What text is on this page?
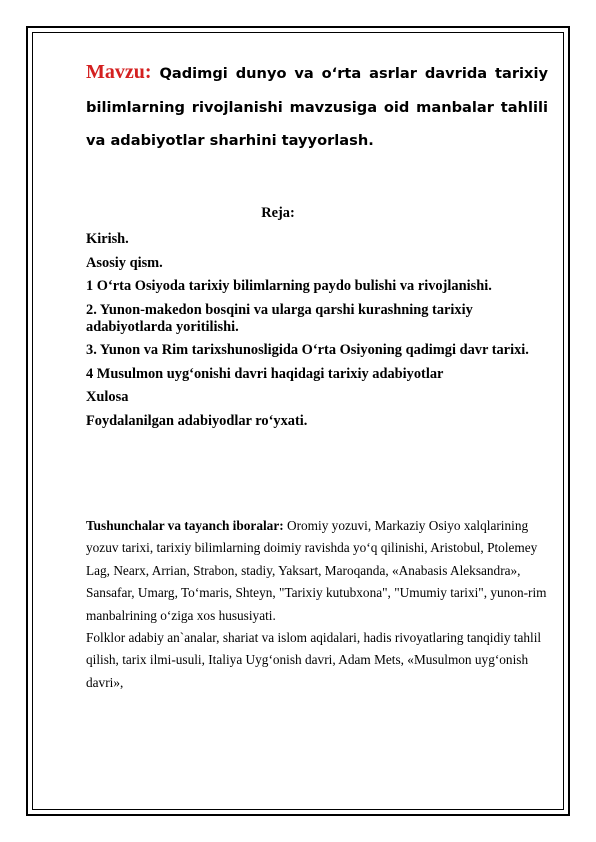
Mavzu: Qadimgi dunyo va o‘rta asrlar davrida tarixiy bilimlarning rivojlanishi mavzusiga oid manbalar tahlili va adabiyotlar sharhini tayyorlash.
Reja:
Kirish.
Asosiy qism.
1 O‘rta Osiyoda tarixiy bilimlarning paydo bulishi va rivojlanishi.
2. Yunon-makedon bosqini va ularga qarshi kurashning tarixiy adabiyotlarda yoritilishi.
3. Yunon va Rim tarixshunosligida O‘rta Osiyoning qadimgi davr tarixi.
4 Musulmon uyg‘onishi davri haqidagi tarixiy adabiyotlar
Xulosa
Foydalanilgan adabiyodlar ro‘yxati.

Tushunchalar va tayanch iboralar: Oromiy yozuvi, Markaziy Osiyo xalqlarining yozuv tarixi, tarixiy bilimlarning doimiy ravishda yo‘q qilinishi, Aristobul, Ptolemey Lag, Nearx, Arrian, Strabon, stadiy, Yaksart, Maroqanda, «Anabasis Aleksandra», Sansafar, Umarg, To‘maris, Shteyn, "Tarixiy kutubxona", "Umumiy tarixi", yunon-rim manbalrining o‘ziga xos hususiyati.

Folklor adabiy an`analar, shariat va islom aqidalari, hadis rivoyatlaring tanqidiy tahlil qilish, tarix ilmi-usuli, Italiya Uyg‘onish davri, Adam Mets, «Musulmon uyg‘onish davri»,
